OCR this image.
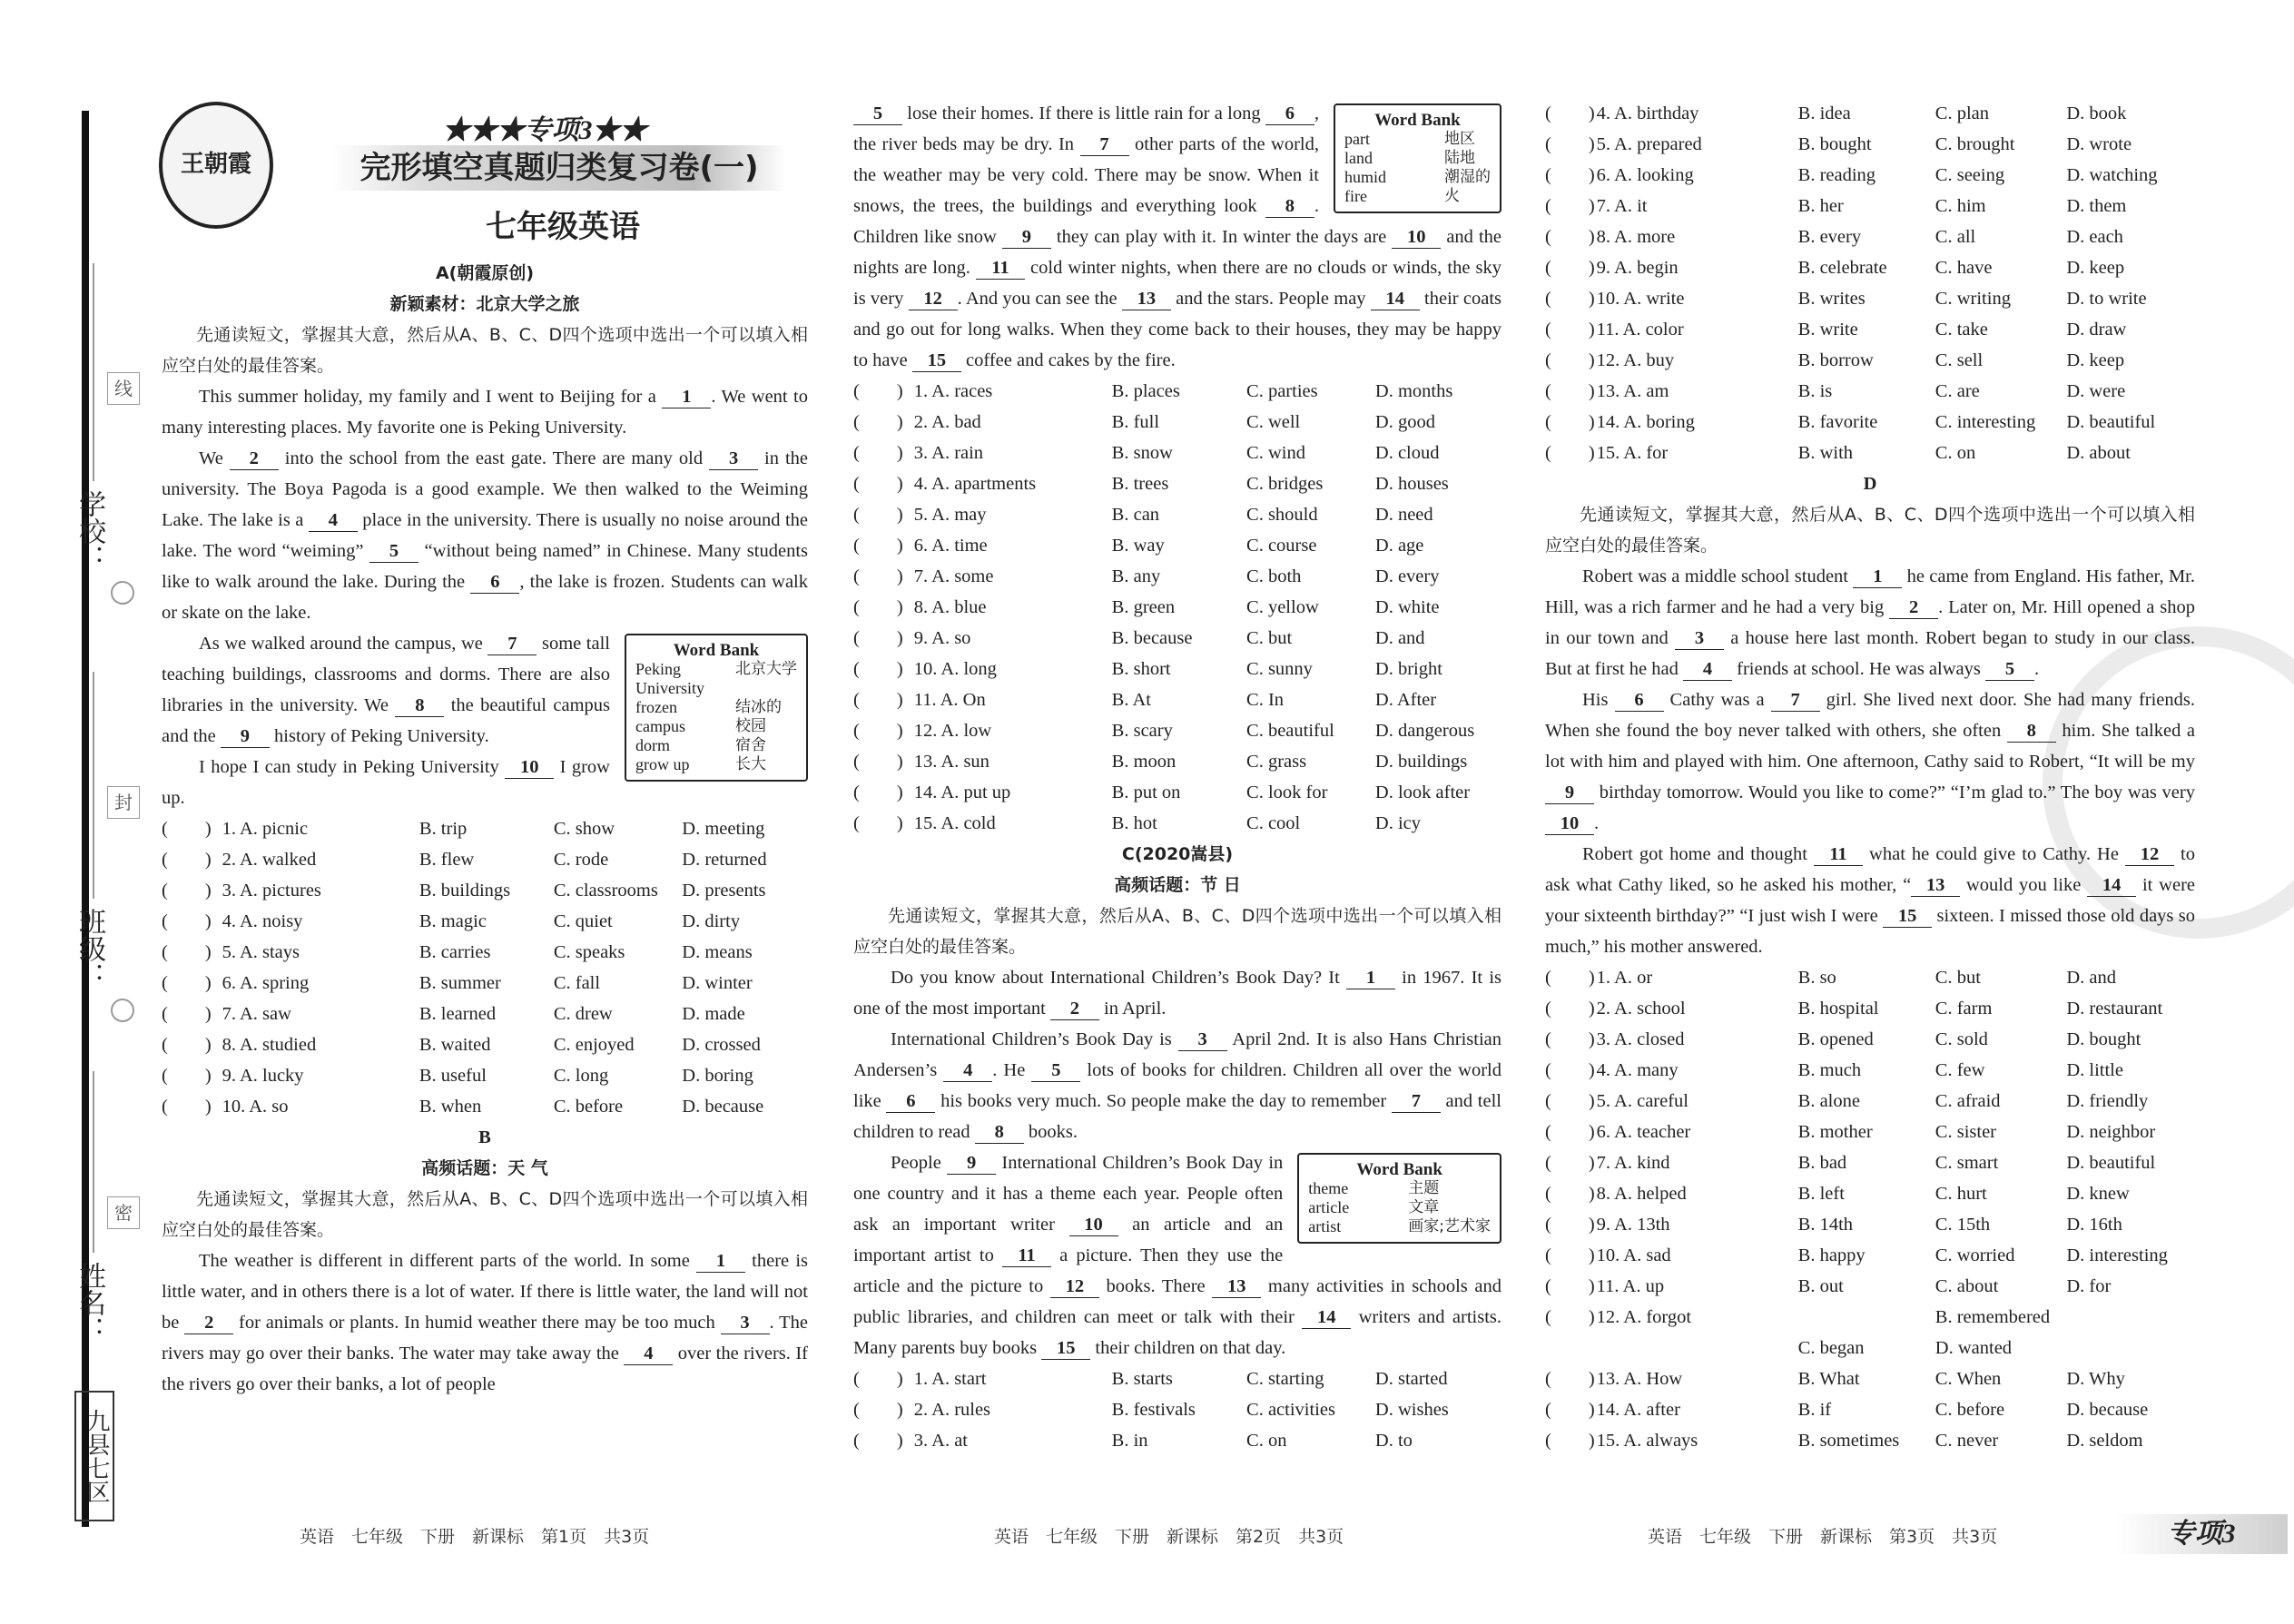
学校：
班级：
姓名：
线
封
密
九县七区
王朝霞
★★★专项3★★
完形填空真题归类复习卷(一)
七年级英语

A(朝霞原创)

新颖素材：北京大学之旅

先通读短文，掌握其大意，然后从A、B、C、D四个选项中选出一个可以填入相应空白处的最佳答案。

This summer holiday, my family and I went to Beijing for a 1 . We went to many interesting places. My favorite one is Peking University.

We 2 into the school from the east gate. There are many old 3 in the university. The Boya Pagoda is a good example. We then walked to the Weiming Lake. The lake is a 4 place in the university. There is usually no noise around the lake. The word “weiming” 5 “without being named” in Chinese. Many students like to walk around the lake. During the 6 , the lake is frozen. Students can walk or skate on the lake.

Word Bank
Peking University
北京大学
frozen	结冰的
campus	校园
dorm	宿舍
grow up	长大
As we walked around the campus, we 7 some tall teaching buildings, classrooms and dorms. There are also libraries in the university. We 8 the beautiful campus and the 9 history of Peking University.

I hope I can study in Peking University 10 I grow up.

(　　) 1. A. picnic	B. trip	C. show	D. meeting
(　　) 2. A. walked	B. flew	C. rode	D. returned
(　　) 3. A. pictures	B. buildings	C. classrooms	D. presents
(　　) 4. A. noisy	B. magic	C. quiet	D. dirty
(　　) 5. A. stays	B. carries	C. speaks	D. means
(　　) 6. A. spring	B. summer	C. fall	D. winter
(　　) 7. A. saw	B. learned	C. drew	D. made
(　　) 8. A. studied	B. waited	C. enjoyed	D. crossed
(　　) 9. A. lucky	B. useful	C. long	D. boring
(　　) 10. A. so	B. when	C. before	D. because

B

高频话题：天 气

先通读短文，掌握其大意，然后从A、B、C、D四个选项中选出一个可以填入相应空白处的最佳答案。

The weather is different in different parts of the world. In some 1 there is little water, and in others there is a lot of water. If there is little water, the land will not be 2 for animals or plants. In humid weather there may be too much 3 . The rivers may go over their banks. The water may take away the 4 over the rivers. If the rivers go over their banks, a lot of people

Word Bank
part	地区
land	陆地
humid	潮湿的
fire	火
5 lose their homes. If there is little rain for a long 6 , the river beds may be dry. In 7 other parts of the world, the weather may be very cold. There may be snow. When it snows, the trees, the buildings and everything look 8 . Children like snow 9 they can play with it. In winter the days are 10 and the nights are long. 11 cold winter nights, when there are no clouds or winds, the sky is very 12 . And you can see the 13 and the stars. People may 14 their coats and go out for long walks. When they come back to their houses, they may be happy to have 15 coffee and cakes by the fire.

(　　) 1. A. races	B. places	C. parties	D. months
(　　) 2. A. bad	B. full	C. well	D. good
(　　) 3. A. rain	B. snow	C. wind	D. cloud
(　　) 4. A. apartments	B. trees	C. bridges	D. houses
(　　) 5. A. may	B. can	C. should	D. need
(　　) 6. A. time	B. way	C. course	D. age
(　　) 7. A. some	B. any	C. both	D. every
(　　) 8. A. blue	B. green	C. yellow	D. white
(　　) 9. A. so	B. because	C. but	D. and
(　　) 10. A. long	B. short	C. sunny	D. bright
(　　) 11. A. On	B. At	C. In	D. After
(　　) 12. A. low	B. scary	C. beautiful	D. dangerous
(　　) 13. A. sun	B. moon	C. grass	D. buildings
(　　) 14. A. put up	B. put on	C. look for	D. look after
(　　) 15. A. cold	B. hot	C. cool	D. icy

C(2020嵩县)

高频话题：节 日

先通读短文，掌握其大意，然后从A、B、C、D四个选项中选出一个可以填入相应空白处的最佳答案。

Do you know about International Children’s Book Day? It 1 in 1967. It is one of the most important 2 in April.

International Children’s Book Day is 3 April 2nd. It is also Hans Christian Andersen’s 4 . He 5 lots of books for children. Children all over the world like 6 his books very much. So people make the day to remember 7 and tell children to read 8 books.

Word Bank
theme	主题
article	文章
artist	画家;艺术家
People 9 International Children’s Book Day in one country and it has a theme each year. People often ask an important writer 10 an article and an important artist to 11 a picture. Then they use the article and the picture to 12 books. There 13 many activities in schools and public libraries, and children can meet or talk with their 14 writers and artists. Many parents buy books 15 their children on that day.

(　　) 1. A. start	B. starts	C. starting	D. started
(　　) 2. A. rules	B. festivals	C. activities	D. wishes
(　　) 3. A. at	B. in	C. on	D. to
(　　) 4. A. birthday	B. idea	C. plan	D. book
(　　) 5. A. prepared	B. bought	C. brought	D. wrote
(　　) 6. A. looking	B. reading	C. seeing	D. watching
(　　) 7. A. it	B. her	C. him	D. them
(　　) 8. A. more	B. every	C. all	D. each
(　　) 9. A. begin	B. celebrate	C. have	D. keep
(　　) 10. A. write	B. writes	C. writing	D. to write
(　　) 11. A. color	B. write	C. take	D. draw
(　　) 12. A. buy	B. borrow	C. sell	D. keep
(　　) 13. A. am	B. is	C. are	D. were
(　　) 14. A. boring	B. favorite	C. interesting	D. beautiful
(　　) 15. A. for	B. with	C. on	D. about

D

先通读短文，掌握其大意，然后从A、B、C、D四个选项中选出一个可以填入相应空白处的最佳答案。

Robert was a middle school student 1 he came from England. His father, Mr. Hill, was a rich farmer and he had a very big 2 . Later on, Mr. Hill opened a shop in our town and 3 a house here last month. Robert began to study in our class. But at first he had 4 friends at school. He was always 5 .

His 6 Cathy was a 7 girl. She lived next door. She had many friends. When she found the boy never talked with others, she often 8 him. She talked a lot with him and played with him. One afternoon, Cathy said to Robert, “It will be my 9 birthday tomorrow. Would you like to come?” “I’m glad to.” The boy was very 10 .

Robert got home and thought 11 what he could give to Cathy. He 12 to ask what Cathy liked, so he asked his mother, “ 13 would you like 14 it were your sixteenth birthday?” “I just wish I were 15 sixteen. I missed those old days so much,” his mother answered.

(　　) 1. A. or	B. so	C. but	D. and
(　　) 2. A. school	B. hospital	C. farm	D. restaurant
(　　) 3. A. closed	B. opened	C. sold	D. bought
(　　) 4. A. many	B. much	C. few	D. little
(　　) 5. A. careful	B. alone	C. afraid	D. friendly
(　　) 6. A. teacher	B. mother	C. sister	D. neighbor
(　　) 7. A. kind	B. bad	C. smart	D. beautiful
(　　) 8. A. helped	B. left	C. hurt	D. knew
(　　) 9. A. 13th	B. 14th	C. 15th	D. 16th
(　　) 10. A. sad	B. happy	C. worried	D. interesting
(　　) 11. A. up	B. out	C. about	D. for
(　　) 12. A. forgot	B. remembered
C. began	D. wanted
(　　) 13. A. How	B. What	C. When	D. Why
(　　) 14. A. after	B. if	C. before	D. because
(　　) 15. A. always	B. sometimes	C. never	D. seldom
英语　七年级　下册　新课标　第1页　共3页	英语　七年级　下册　新课标　第2页　共3页	英语　七年级　下册　新课标　第3页　共3页	专项3
